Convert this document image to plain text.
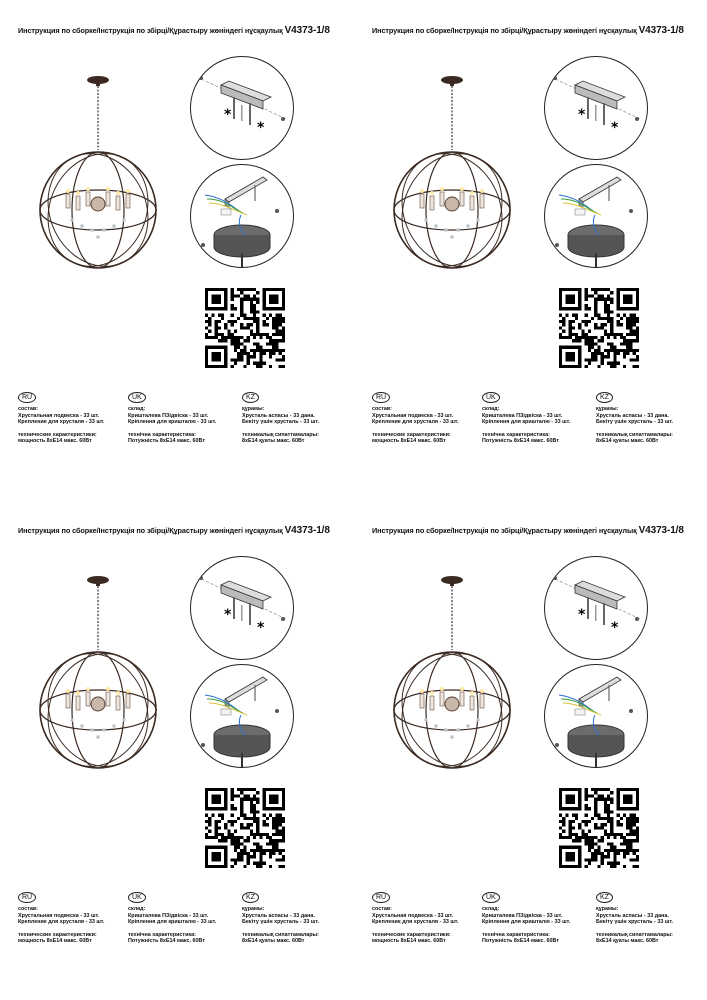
Инструкция по сборке/Інструкція по збірці/Құрастыру жөніндегі нұсқаулық V4373-1/8
*
*
RU
состав:
Хрустальная подвеска - 33 шт.
Крепление для хрусталя - 33 шт.
технические характеристики:
мощность 8хЕ14 макс. 60Вт
UK
склад:
Кришталева ПЗідвіска - 33 шт.
Кріплення для кришталю - 33 шт.
технічна характеристика:
Потужність 8хЕ14 макс. 60Вт
KZ
құрамы:
Хрусталь аспасы - 33 дана.
Бекіту үшін хрусталь - 33 шт.
техникалық сипаттамалары:
8хЕ14 қуаты макс. 60Вт
Инструкция по сборке/Інструкція по збірці/Құрастыру жөніндегі нұсқаулық V4373-1/8
*
*
RU
состав:
Хрустальная подвеска - 33 шт.
Крепление для хрусталя - 33 шт.
технические характеристики:
мощность 8хЕ14 макс. 60Вт
UK
склад:
Кришталева ПЗідвіска - 33 шт.
Кріплення для кришталю - 33 шт.
технічна характеристика:
Потужність 8хЕ14 макс. 60Вт
KZ
құрамы:
Хрусталь аспасы - 33 дана.
Бекіту үшін хрусталь - 33 шт.
техникалық сипаттамалары:
8хЕ14 қуаты макс. 60Вт
Инструкция по сборке/Інструкція по збірці/Құрастыру жөніндегі нұсқаулық V4373-1/8
*
*
RU
состав:
Хрустальная подвеска - 33 шт.
Крепление для хрусталя - 33 шт.
технические характеристики:
мощность 8хЕ14 макс. 60Вт
UK
склад:
Кришталева ПЗідвіска - 33 шт.
Кріплення для кришталю - 33 шт.
технічна характеристика:
Потужність 8хЕ14 макс. 60Вт
KZ
құрамы:
Хрусталь аспасы - 33 дана.
Бекіту үшін хрусталь - 33 шт.
техникалық сипаттамалары:
8хЕ14 қуаты макс. 60Вт
Инструкция по сборке/Інструкція по збірці/Құрастыру жөніндегі нұсқаулық V4373-1/8
*
*
RU
состав:
Хрустальная подвеска - 33 шт.
Крепление для хрусталя - 33 шт.
технические характеристики:
мощность 8хЕ14 макс. 60Вт
UK
склад:
Кришталева ПЗідвіска - 33 шт.
Кріплення для кришталю - 33 шт.
технічна характеристика:
Потужність 8хЕ14 макс. 60Вт
KZ
құрамы:
Хрусталь аспасы - 33 дана.
Бекіту үшін хрусталь - 33 шт.
техникалық сипаттамалары:
8хЕ14 қуаты макс. 60Вт
